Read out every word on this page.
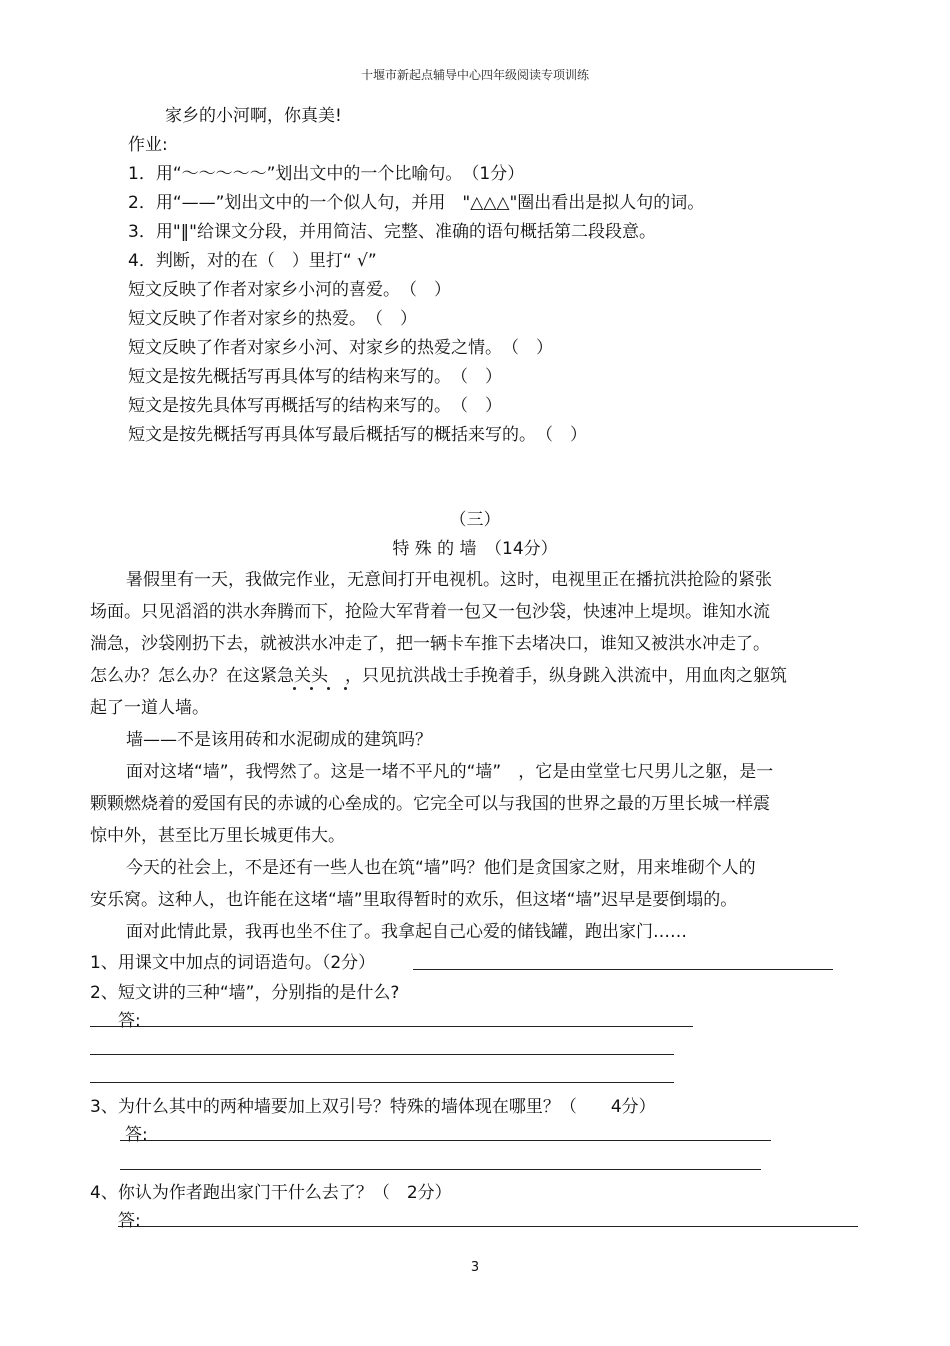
十堰市新起点辅导中心四年级阅读专项训练
家乡的小河啊，你真美!
作业:
1．用“～～～～～”划出文中的一个比喻句。　（1分）
2．用“——”划出文中的一个似人句，并用　"△△△"圈出看出是拟人句的词。
3．用"‖"给课文分段，并用简洁、完整、准确的语句概括第二段段意。
4．判断，对的在（　）里打“ √”
短文反映了作者对家乡小河的喜爱。　（　）
短文反映了作者对家乡的热爱。　（　）
短文反映了作者对家乡小河、对家乡的热爱之情。　（　）
短文是按先概括写再具体写的结构来写的。　（　）
短文是按先具体写再概括写的结构来写的。　（　）
短文是按先概括写再具体写最后概括写的概括来写的。　（　）
（三）
特 殊 的 墙　（14分）
暑假里有一天，我做完作业，无意间打开电视机。这时，电视里正在播抗洪抢险的紧张
场面。只见滔滔的洪水奔腾而下，抢险大军背着一包又一包沙袋，快速冲上堤坝。谁知水流
湍急，沙袋刚扔下去，就被洪水冲走了，把一辆卡车推下去堵决口，谁知又被洪水冲走了。
怎么办？怎么办？在这紧急关头　，只见抗洪战士手挽着手，纵身跳入洪流中，用血肉之躯筑
起了一道人墙。
墙——不是该用砖和水泥砌成的建筑吗？
面对这堵“墙”，我愕然了。这是一堵不平凡的“墙”　，它是由堂堂七尺男儿之躯，是一
颗颗燃烧着的爱国有民的赤诚的心垒成的。它完全可以与我国的世界之最的万里长城一样震
惊中外，甚至比万里长城更伟大。
今天的社会上，不是还有一些人也在筑“墙”吗？他们是贪国家之财，用来堆砌个人的
安乐窝。这种人，也许能在这堵“墙”里取得暂时的欢乐，但这堵“墙”迟早是要倒塌的。
面对此情此景，我再也坐不住了。我拿起自己心爱的储钱罐，跑出家门……
1、用课文中加点的词语造句。（2分）
2、短文讲的三种“墙”，分别指的是什么?
答:
3、为什么其中的两种墙要加上双引号？特殊的墙体现在哪里？（　　4分）
答:
4、你认为作者跑出家门干什么去了？（　2分）
答:
3
